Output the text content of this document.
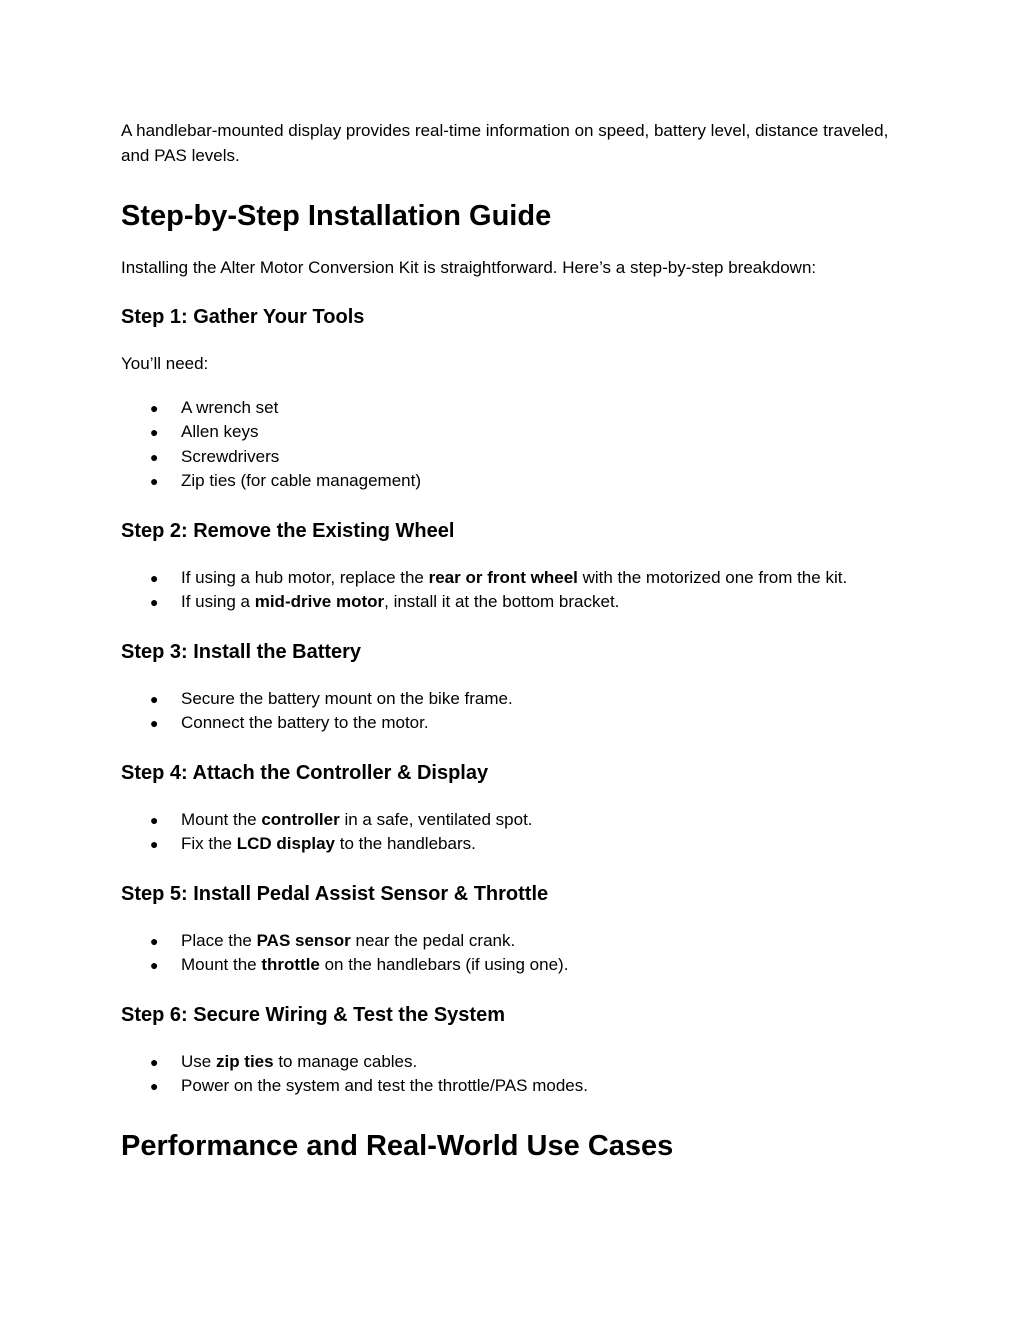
A handlebar-mounted display provides real-time information on speed, battery level, distance traveled, and PAS levels.

Step-by-Step Installation Guide

Installing the Alter Motor Conversion Kit is straightforward. Here’s a step-by-step breakdown:

Step 1: Gather Your Tools

You’ll need:

● A wrench set
● Allen keys
● Screwdrivers
● Zip ties (for cable management)
Step 2: Remove the Existing Wheel
● If using a hub motor, replace the rear or front wheel with the motorized one from the kit.
● If using a mid-drive motor, install it at the bottom bracket.
Step 3: Install the Battery
● Secure the battery mount on the bike frame.
● Connect the battery to the motor.
Step 4: Attach the Controller & Display
● Mount the controller in a safe, ventilated spot.
● Fix the LCD display to the handlebars.
Step 5: Install Pedal Assist Sensor & Throttle
● Place the PAS sensor near the pedal crank.
● Mount the throttle on the handlebars (if using one).
Step 6: Secure Wiring & Test the System
● Use zip ties to manage cables.
● Power on the system and test the throttle/PAS modes.
Performance and Real-World Use Cases
